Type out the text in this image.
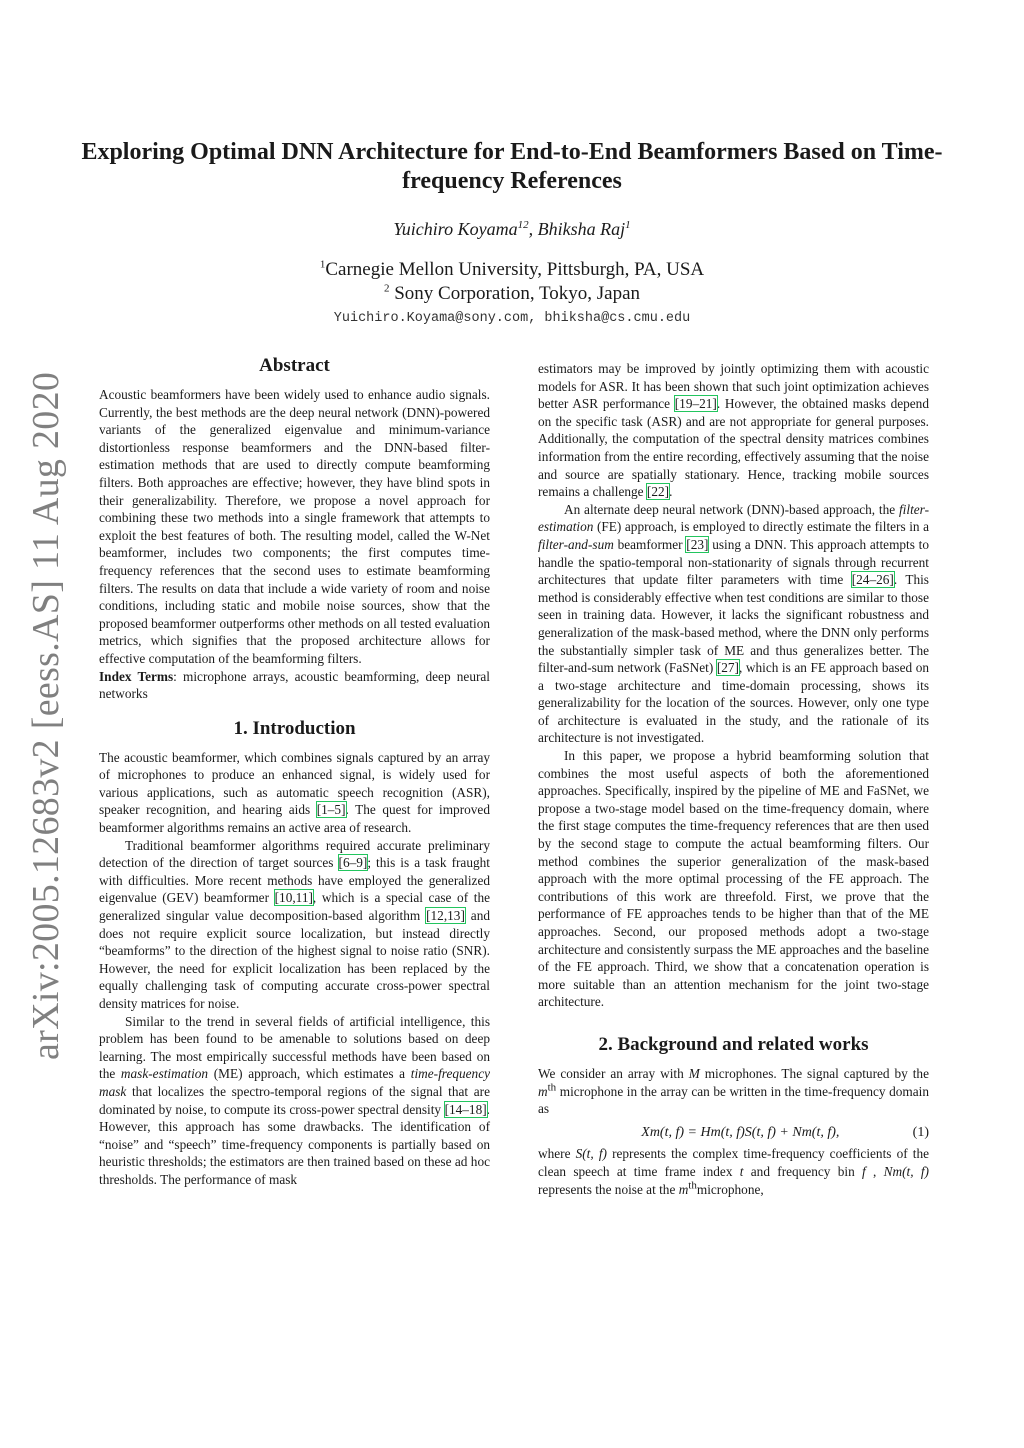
arXiv:2005.12683v2 [eess.AS] 11 Aug 2020
Exploring Optimal DNN Architecture for End-to-End Beamformers Based on Time-frequency References
Yuichiro Koyama$^{12}$, Bhiksha Raj$^1$
$^1$Carnegie Mellon University, Pittsburgh, PA, USA
$^2$ Sony Corporation, Tokyo, Japan
Yuichiro.Koyama@sony.com, bhiksha@cs.cmu.edu
Abstract

Acoustic beamformers have been widely used to enhance audio signals. Currently, the best methods are the deep neural network (DNN)-powered variants of the generalized eigenvalue and minimum-variance distortionless response beamformers and the DNN-based filter-estimation methods that are used to directly compute beamforming filters. Both approaches are effective; however, they have blind spots in their generalizability. Therefore, we propose a novel approach for combining these two methods into a single framework that attempts to exploit the best features of both. The resulting model, called the W-Net beamformer, includes two components; the first computes time-frequency references that the second uses to estimate beamforming filters. The results on data that include a wide variety of room and noise conditions, including static and mobile noise sources, show that the proposed beamformer outperforms other methods on all tested evaluation metrics, which signifies that the proposed architecture allows for effective computation of the beamforming filters.

Index Terms: microphone arrays, acoustic beamforming, deep neural networks

1. Introduction

The acoustic beamformer, which combines signals captured by an array of microphones to produce an enhanced signal, is widely used for various applications, such as automatic speech recognition (ASR), speaker recognition, and hearing aids [1–5]. The quest for improved beamformer algorithms remains an active area of research.

Traditional beamformer algorithms required accurate preliminary detection of the direction of target sources [6–9]; this is a task fraught with difficulties. More recent methods have employed the generalized eigenvalue (GEV) beamformer [10,11], which is a special case of the generalized singular value decomposition-based algorithm [12,13] and does not require explicit source localization, but instead directly “beamforms” to the direction of the highest signal to noise ratio (SNR). However, the need for explicit localization has been replaced by the equally challenging task of computing accurate cross-power spectral density matrices for noise.

Similar to the trend in several fields of artificial intelligence, this problem has been found to be amenable to solutions based on deep learning. The most empirically successful methods have been based on the mask-estimation (ME) approach, which estimates a time-frequency mask that localizes the spectro-temporal regions of the signal that are dominated by noise, to compute its cross-power spectral density [14–18]. However, this approach has some drawbacks. The identification of “noise” and “speech” time-frequency components is partially based on heuristic thresholds; the estimators are then trained based on these ad hoc thresholds. The performance of mask

estimators may be improved by jointly optimizing them with acoustic models for ASR. It has been shown that such joint optimization achieves better ASR performance [19–21]. However, the obtained masks depend on the specific task (ASR) and are not appropriate for general purposes. Additionally, the computation of the spectral density matrices combines information from the entire recording, effectively assuming that the noise and source are spatially stationary. Hence, tracking mobile sources remains a challenge [22].

An alternate deep neural network (DNN)-based approach, the filter-estimation (FE) approach, is employed to directly estimate the filters in a filter-and-sum beamformer [23] using a DNN. This approach attempts to handle the spatio-temporal non-stationarity of signals through recurrent architectures that update filter parameters with time [24–26]. This method is considerably effective when test conditions are similar to those seen in training data. However, it lacks the significant robustness and generalization of the mask-based method, where the DNN only performs the substantially simpler task of ME and thus generalizes better. The filter-and-sum network (FaSNet) [27], which is an FE approach based on a two-stage architecture and time-domain processing, shows its generalizability for the location of the sources. However, only one type of architecture is evaluated in the study, and the rationale of its architecture is not investigated.

In this paper, we propose a hybrid beamforming solution that combines the most useful aspects of both the aforementioned approaches. Specifically, inspired by the pipeline of ME and FaSNet, we propose a two-stage model based on the time-frequency domain, where the first stage computes the time-frequency references that are then used by the second stage to compute the actual beamforming filters. Our method combines the superior generalization of the mask-based approach with the more optimal processing of the FE approach. The contributions of this work are threefold. First, we prove that the performance of FE approaches tends to be higher than that of the ME approaches. Second, our proposed methods adopt a two-stage architecture and consistently surpass the ME approaches and the baseline of the FE approach. Third, we show that a concatenation operation is more suitable than an attention mechanism for the joint two-stage architecture.

2. Background and related works

We consider an array with M microphones. The signal captured by the $m^{th}$ microphone in the array can be written in the time-frequency domain as

Xm(t, f) = Hm(t, f)S(t, f) + Nm(t, f),	(1)

where S(t, f) represents the complex time-frequency coefficients of the clean speech at time frame index t and frequency bin f , Nm(t, f) represents the noise at the $m^{th}microphone$,
